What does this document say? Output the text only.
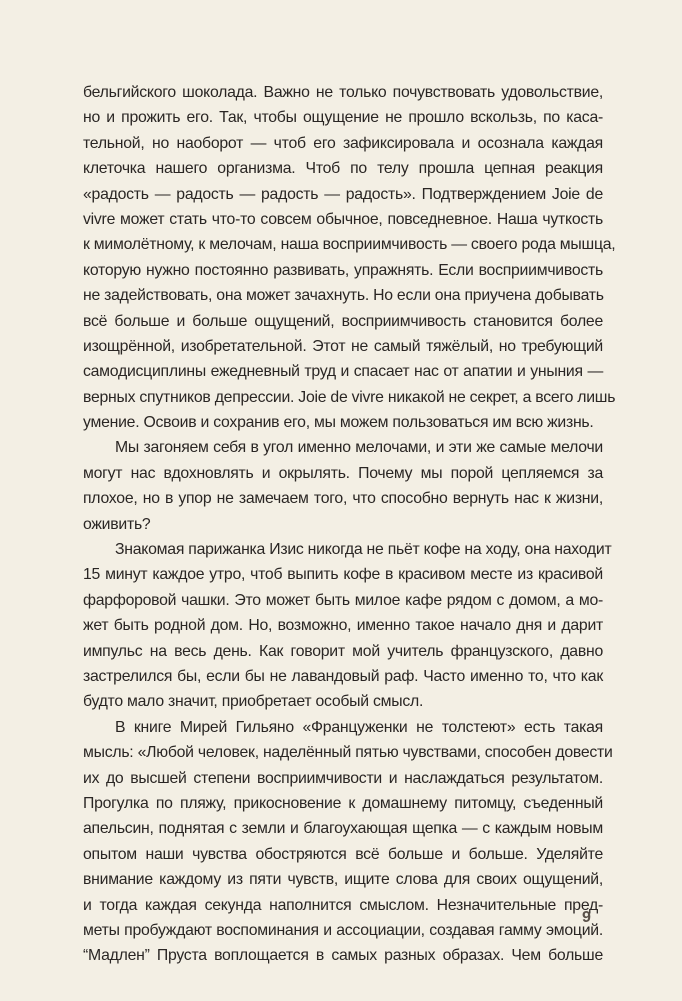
бельгийского шоколада. Важно не только почувствовать удовольствие,
но и прожить его. Так, чтобы ощущение не прошло вскользь, по каса-
тельной, но наоборот — чтоб его зафиксировала и осознала каждая
клеточка нашего организма. Чтоб по телу прошла цепная реакция
«радость — радость — радость — радость». Подтверждением Joie de
vivre может стать что-то совсем обычное, повседневное. Наша чуткость
к мимолётному, к мелочам, наша восприимчивость — своего рода мышца,
которую нужно постоянно развивать, упражнять. Если восприимчивость
не задействовать, она может зачахнуть. Но если она приучена добывать
всё больше и больше ощущений, восприимчивость становится более
изощрённой, изобретательной. Этот не самый тяжёлый, но требующий
самодисциплины ежедневный труд и спасает нас от апатии и уныния —
верных спутников депрессии. Joie de vivre никакой не секрет, а всего лишь
умение. Освоив и сохранив его, мы можем пользоваться им всю жизнь.
Мы загоняем себя в угол именно мелочами, и эти же самые мелочи
могут нас вдохновлять и окрылять. Почему мы порой цепляемся за
плохое, но в упор не замечаем того, что способно вернуть нас к жизни,
оживить?
Знакомая парижанка Изис никогда не пьёт кофе на ходу, она находит
15 минут каждое утро, чтоб выпить кофе в красивом месте из красивой
фарфоровой чашки. Это может быть милое кафе рядом с домом, а мо-
жет быть родной дом. Но, возможно, именно такое начало дня и дарит
импульс на весь день. Как говорит мой учитель французского, давно
застрелился бы, если бы не лавандовый раф. Часто именно то, что как
будто мало значит, приобретает особый смысл.
В книге Мирей Гильяно «Француженки не толстеют» есть такая
мысль: «Любой человек, наделённый пятью чувствами, способен довести
их до высшей степени восприимчивости и наслаждаться результатом.
Прогулка по пляжу, прикосновение к домашнему питомцу, съеденный
апельсин, поднятая с земли и благоухающая щепка — с каждым новым
опытом наши чувства обостряются всё больше и больше. Уделяйте
внимание каждому из пяти чувств, ищите слова для своих ощущений,
и тогда каждая секунда наполнится смыслом. Незначительные пред-
меты пробуждают воспоминания и ассоциации, создавая гамму эмоций.
“Мадлен” Пруста воплощается в самых разных образах. Чем больше
9
